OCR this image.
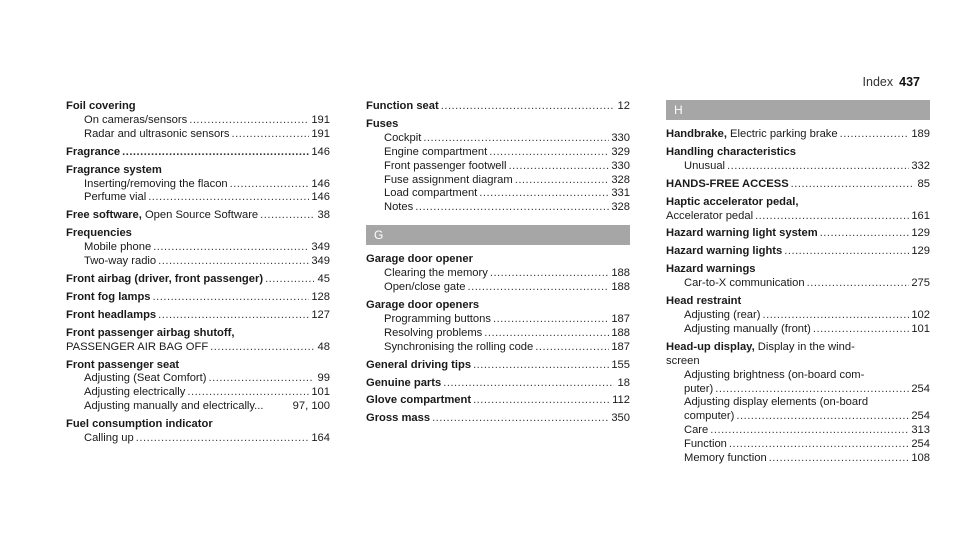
Index 437
Foil covering
On cameras/sensors .....	191
Radar and ultrasonic sensors .....	191
Fragrance .....	146
Fragrance system
Inserting/removing the flacon .....	146
Perfume vial .....	146
Free software, Open Source Software .....	38
Frequencies
Mobile phone .....	349
Two-way radio .....	349
Front airbag (driver, front passenger) .....	45
Front fog lamps .....	128
Front headlamps .....	127
Front passenger airbag shutoff,
PASSENGER AIR BAG OFF .....	48
Front passenger seat
Adjusting (Seat Comfort) .....	99
Adjusting electrically .....	101
Adjusting manually and electrically...	97, 100
Fuel consumption indicator
Calling up .....	164
Function seat .....	12
Fuses
Cockpit .....	330
Engine compartment .....	329
Front passenger footwell .....	330
Fuse assignment diagram .....	328
Load compartment .....	331
Notes .....	328
G
Garage door opener
Clearing the memory .....	188
Open/close gate .....	188
Garage door openers
Programming buttons .....	187
Resolving problems .....	188
Synchronising the rolling code .....	187
General driving tips .....	155
Genuine parts .....	18
Glove compartment .....	112
Gross mass .....	350
H
Handbrake, Electric parking brake .....	189
Handling characteristics
Unusual .....	332
HANDS-FREE ACCESS .....	85
Haptic accelerator pedal,
Accelerator pedal .....	161
Hazard warning light system .....	129
Hazard warning lights .....	129
Hazard warnings
Car-to-X communication .....	275
Head restraint
Adjusting (rear) .....	102
Adjusting manually (front) .....	101
Head-up display, Display in the wind-
screen
Adjusting brightness (on-board com-
puter) .....	254
Adjusting display elements (on-board
computer) .....	254
Care .....	313
Function .....	254
Memory function .....	108
